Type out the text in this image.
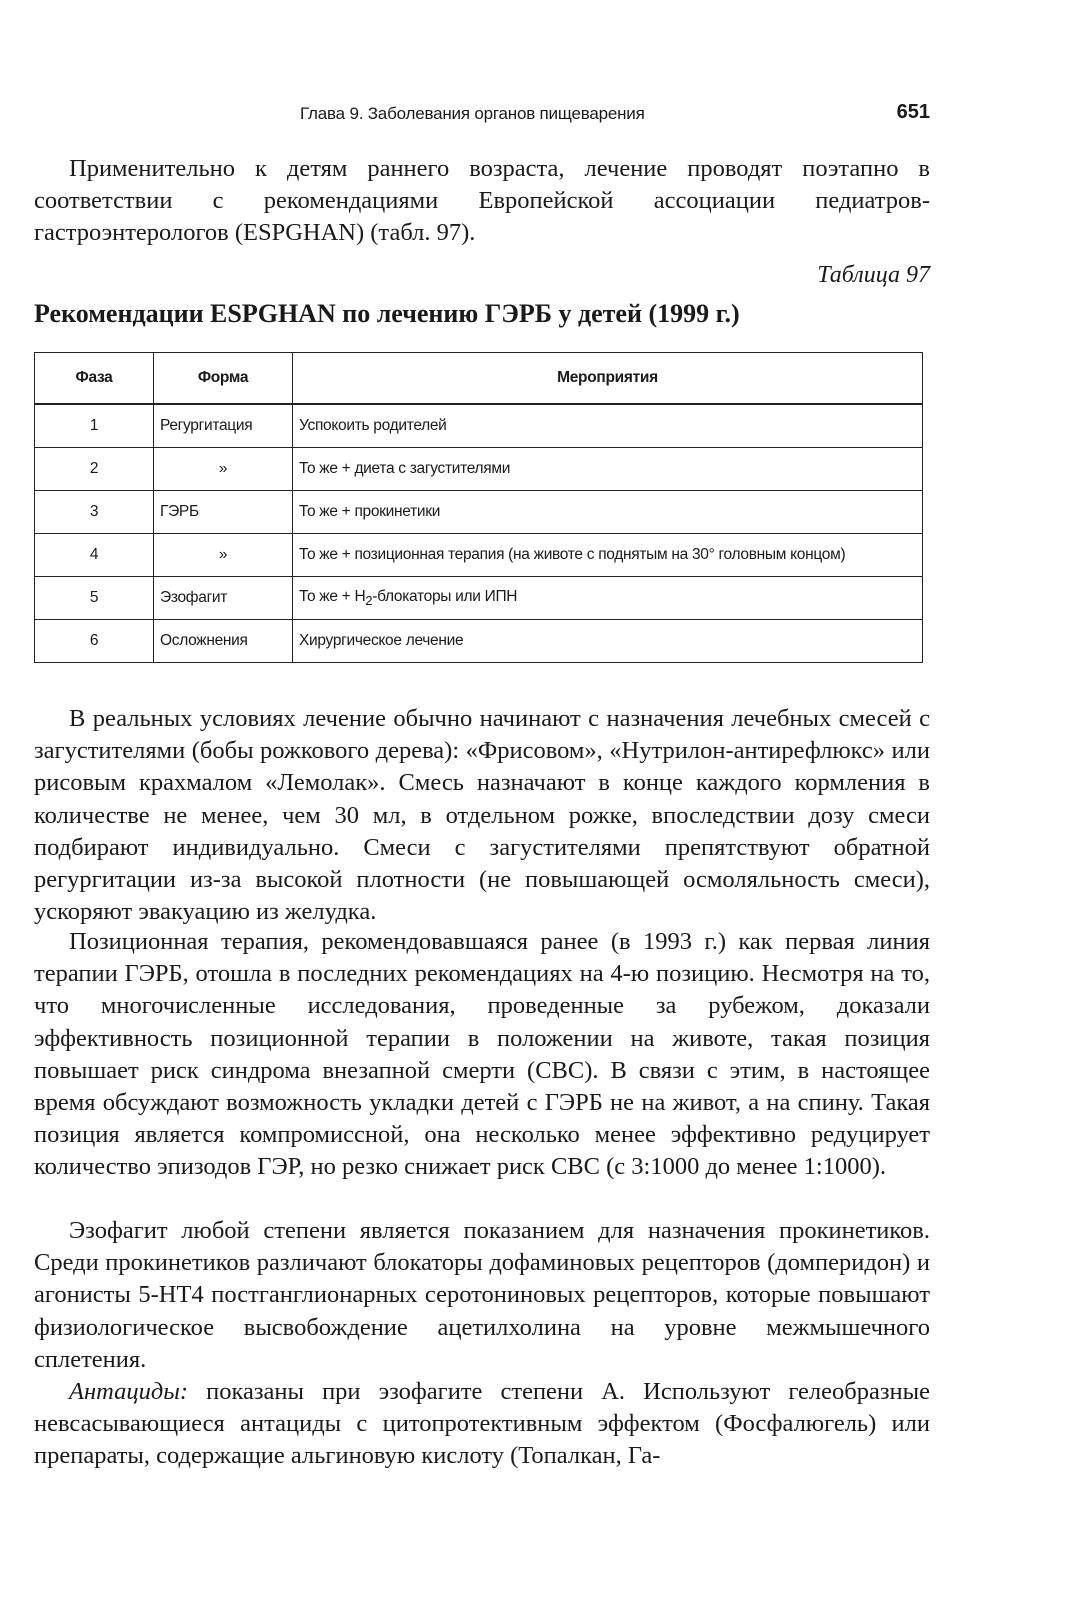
Глава 9. Заболевания органов пищеварения	651

Применительно к детям раннего возраста, лечение проводят поэтапно в соответствии с рекомендациями Европейской ассоциации педиатров-гастроэнтерологов (ESPGHAN) (табл. 97).

Таблица 97
Рекомендации ESPGHAN по лечению ГЭРБ у детей (1999 г.)
Фаза	Форма	Мероприятия
1	Регургитация	Успокоить родителей
2	»	То же + диета с загустителями
3	ГЭРБ	То же + прокинетики
4	»	То же + позиционная терапия (на животе с поднятым на 30° головным концом)
5	Эзофагит	То же + $Н_2$-блокаторы или ИПН
6	Осложнения	Хирургическое лечение

В реальных условиях лечение обычно начинают с назначения лечебных смесей с загустителями (бобы рожкового дерева): «Фрисовом», «Нутрилон-антирефлюкс» или рисовым крахмалом «Лемолак». Смесь назначают в конце каждого кормления в количестве не менее, чем 30 мл, в отдельном рожке, впоследствии дозу смеси подбирают индивидуально. Смеси с загустителями препятствуют обратной регургитации из-за высокой плотности (не повышающей осмоляльность смеси), ускоряют эвакуацию из желудка.

Позиционная терапия, рекомендовавшаяся ранее (в 1993 г.) как первая линия терапии ГЭРБ, отошла в последних рекомендациях на 4-ю позицию. Несмотря на то, что многочисленные исследования, проведенные за рубежом, доказали эффективность позиционной терапии в положении на животе, такая позиция повышает риск синдрома внезапной смерти (СВС). В связи с этим, в настоящее время обсуждают возможность укладки детей с ГЭРБ не на живот, а на спину. Такая позиция является компромиссной, она несколько менее эффективно редуцирует количество эпизодов ГЭР, но резко снижает риск СВС (с 3:1000 до менее 1:1000).

Эзофагит любой степени является показанием для назначения прокинетиков. Среди прокинетиков различают блокаторы дофаминовых рецепторов (домперидон) и агонисты 5-НТ4 постганглионарных серотониновых рецепторов, которые повышают физиологическое высвобождение ацетилхолина на уровне межмышечного сплетения.

Антациды: показаны при эзофагите степени А. Используют гелеобразные невсасывающиеся антациды с цитопротективным эффектом (Фосфалюгель) или препараты, содержащие альгиновую кислоту (Топалкан, Га-
